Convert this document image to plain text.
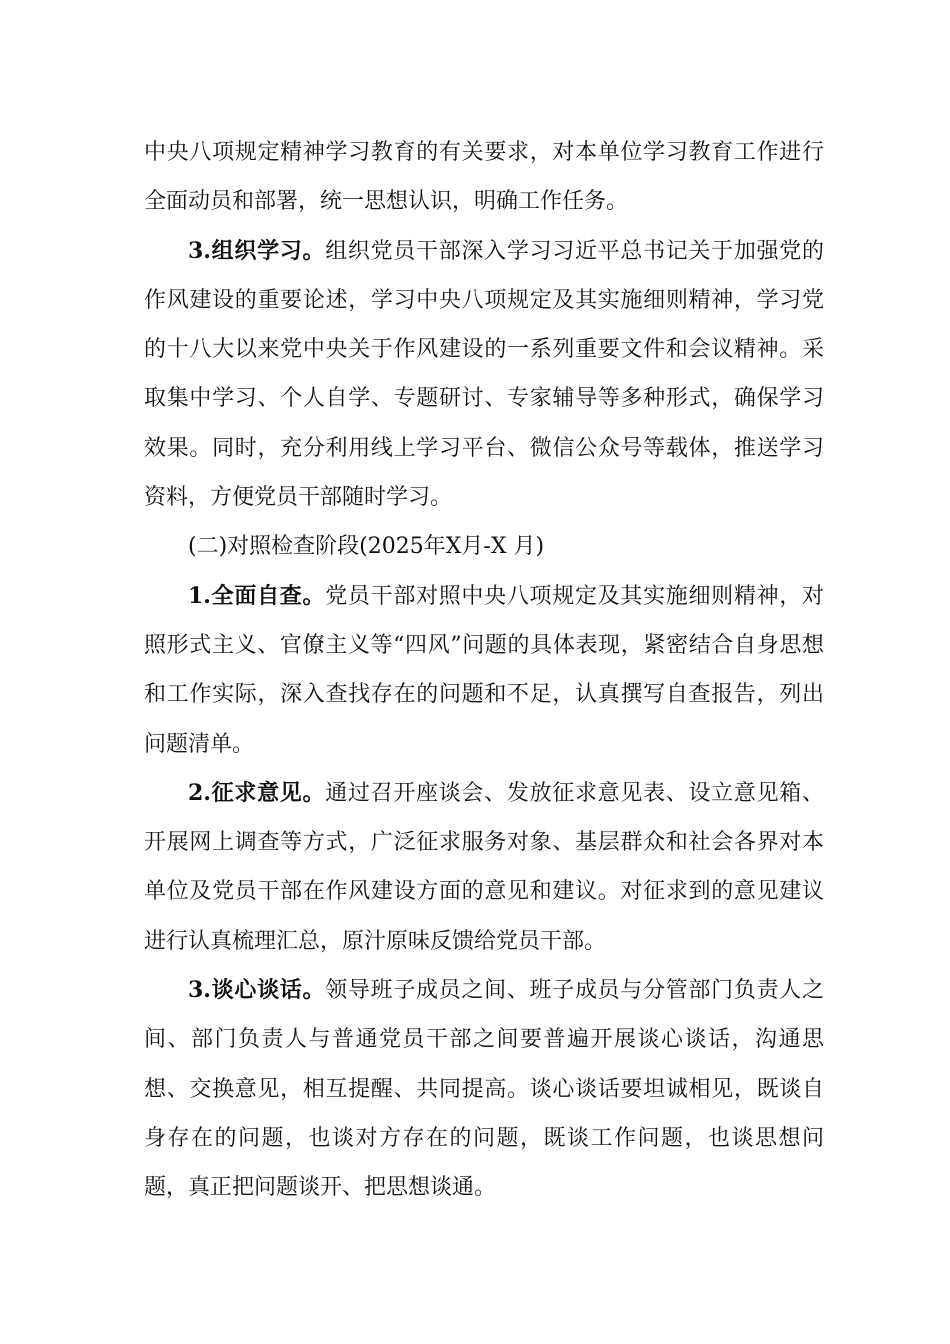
中央八项规定精神学习教育的有关要求，对本单位学习教育工作进行全面动员和部署，统一思想认识，明确工作任务。

3.组织学习。组织党员干部深入学习习近平总书记关于加强党的作风建设的重要论述，学习中央八项规定及其实施细则精神，学习党的十八大以来党中央关于作风建设的一系列重要文件和会议精神。采取集中学习、个人自学、专题研讨、专家辅导等多种形式，确保学习效果。同时，充分利用线上学习平台、微信公众号等载体，推送学习资料，方便党员干部随时学习。

(二)对照检查阶段(2025年X月-X 月)

1.全面自查。党员干部对照中央八项规定及其实施细则精神，对照形式主义、官僚主义等“四风”问题的具体表现，紧密结合自身思想和工作实际，深入查找存在的问题和不足，认真撰写自查报告，列出问题清单。

2.征求意见。通过召开座谈会、发放征求意见表、设立意见箱、开展网上调查等方式，广泛征求服务对象、基层群众和社会各界对本单位及党员干部在作风建设方面的意见和建议。对征求到的意见建议进行认真梳理汇总，原汁原味反馈给党员干部。

3.谈心谈话。领导班子成员之间、班子成员与分管部门负责人之间、部门负责人与普通党员干部之间要普遍开展谈心谈话，沟通思想、交换意见，相互提醒、共同提高。谈心谈话要坦诚相见，既谈自身存在的问题，也谈对方存在的问题，既谈工作问题，也谈思想问题，真正把问题谈开、把思想谈通。
